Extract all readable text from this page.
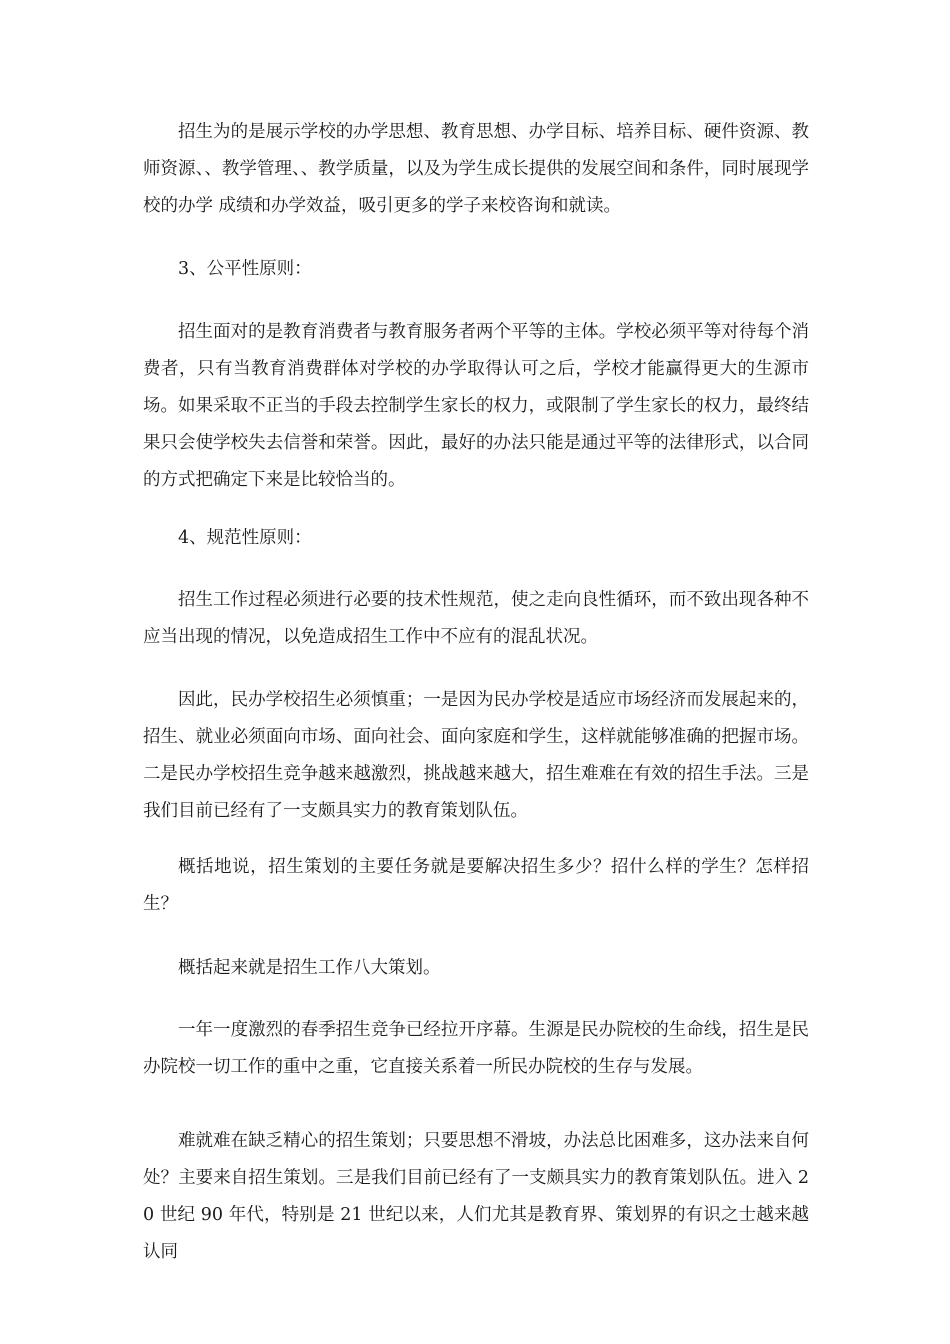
招生为的是展示学校的办学思想、教育思想、办学目标、培养目标、硬件资源、教师资源、、教学管理、、教学质量，以及为学生成长提供的发展空间和条件，同时展现学校的办学 成绩和办学效益，吸引更多的学子来校咨询和就读。

3、公平性原则：

招生面对的是教育消费者与教育服务者两个平等的主体。学校必须平等对待每个消费者，只有当教育消费群体对学校的办学取得认可之后，学校才能赢得更大的生源市场。如果采取不正当的手段去控制学生家长的权力，或限制了学生家长的权力，最终结果只会使学校失去信誉和荣誉。因此，最好的办法只能是通过平等的法律形式，以合同的方式把确定下来是比较恰当的。

4、规范性原则：

招生工作过程必须进行必要的技术性规范，使之走向良性循环，而不致出现各种不应当出现的情况，以免造成招生工作中不应有的混乱状况。

因此，民办学校招生必须慎重；一是因为民办学校是适应市场经济而发展起来的，招生、就业必须面向市场、面向社会、面向家庭和学生，这样就能够准确的把握市场。二是民办学校招生竞争越来越激烈，挑战越来越大，招生难难在有效的招生手法。三是我们目前已经有了一支颇具实力的教育策划队伍。

概括地说，招生策划的主要任务就是要解决招生多少？招什么样的学生？怎样招生？

概括起来就是招生工作八大策划。

一年一度激烈的春季招生竞争已经拉开序幕。生源是民办院校的生命线，招生是民办院校一切工作的重中之重，它直接关系着一所民办院校的生存与发展。

难就难在缺乏精心的招生策划；只要思想不滑坡，办法总比困难多，这办法来自何处？主要来自招生策划。三是我们目前已经有了一支颇具实力的教育策划队伍。进入 20 世纪 90 年代，特别是 21 世纪以来，人们尤其是教育界、策划界的有识之士越来越认同
